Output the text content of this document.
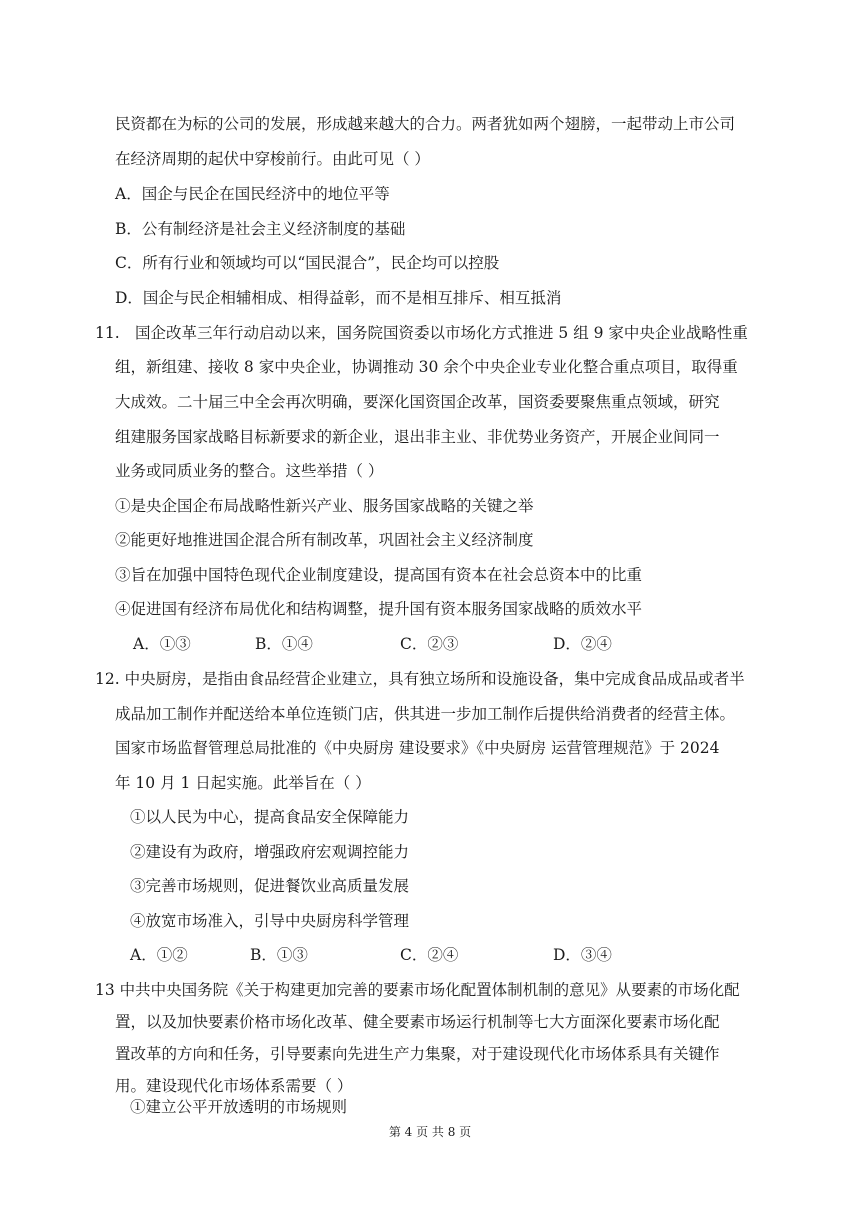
民资都在为标的公司的发展，形成越来越大的合力。两者犹如两个翅膀，一起带动上市公司
在经济周期的起伏中穿梭前行。由此可见（ ）
A．国企与民企在国民经济中的地位平等
B．公有制经济是社会主义经济制度的基础
C．所有行业和领域均可以“国民混合”，民企均可以控股
D．国企与民企相辅相成、相得益彰，而不是相互排斥、相互抵消
11. 国企改革三年行动启动以来，国务院国资委以市场化方式推进 5 组 9 家中央企业战略性重
组，新组建、接收 8 家中央企业，协调推动 30 余个中央企业专业化整合重点项目，取得重
大成效。二十届三中全会再次明确，要深化国资国企改革，国资委要聚焦重点领域，研究
组建服务国家战略目标新要求的新企业，退出非主业、非优势业务资产，开展企业间同一
业务或同质业务的整合。这些举措（ ）
①是央企国企布局战略性新兴产业、服务国家战略的关键之举
②能更好地推进国企混合所有制改革，巩固社会主义经济制度
③旨在加强中国特色现代企业制度建设，提高国有资本在社会总资本中的比重
④促进国有经济布局优化和结构调整，提升国有资本服务国家战略的质效水平
A．①③	B．①④	C．②③	D．②④
12. 中央厨房，是指由食品经营企业建立，具有独立场所和设施设备，集中完成食品成品或者半
成品加工制作并配送给本单位连锁门店，供其进一步加工制作后提供给消费者的经营主体。
国家市场监督管理总局批准的《中央厨房 建设要求》《中央厨房 运营管理规范》于 2024
年 10 月 1 日起实施。此举旨在（ ）
①以人民为中心，提高食品安全保障能力
②建设有为政府，增强政府宏观调控能力
③完善市场规则，促进餐饮业高质量发展
④放宽市场准入，引导中央厨房科学管理
A．①②	B．①③	C．②④	D．③④
13 中共中央国务院《关于构建更加完善的要素市场化配置体制机制的意见》从要素的市场化配
置，以及加快要素价格市场化改革、健全要素市场运行机制等七大方面深化要素市场化配
置改革的方向和任务，引导要素向先进生产力集聚，对于建设现代化市场体系具有关键作
用。建设现代化市场体系需要（ ）
第 4 页 共 8 页
①建立公平开放透明的市场规则
